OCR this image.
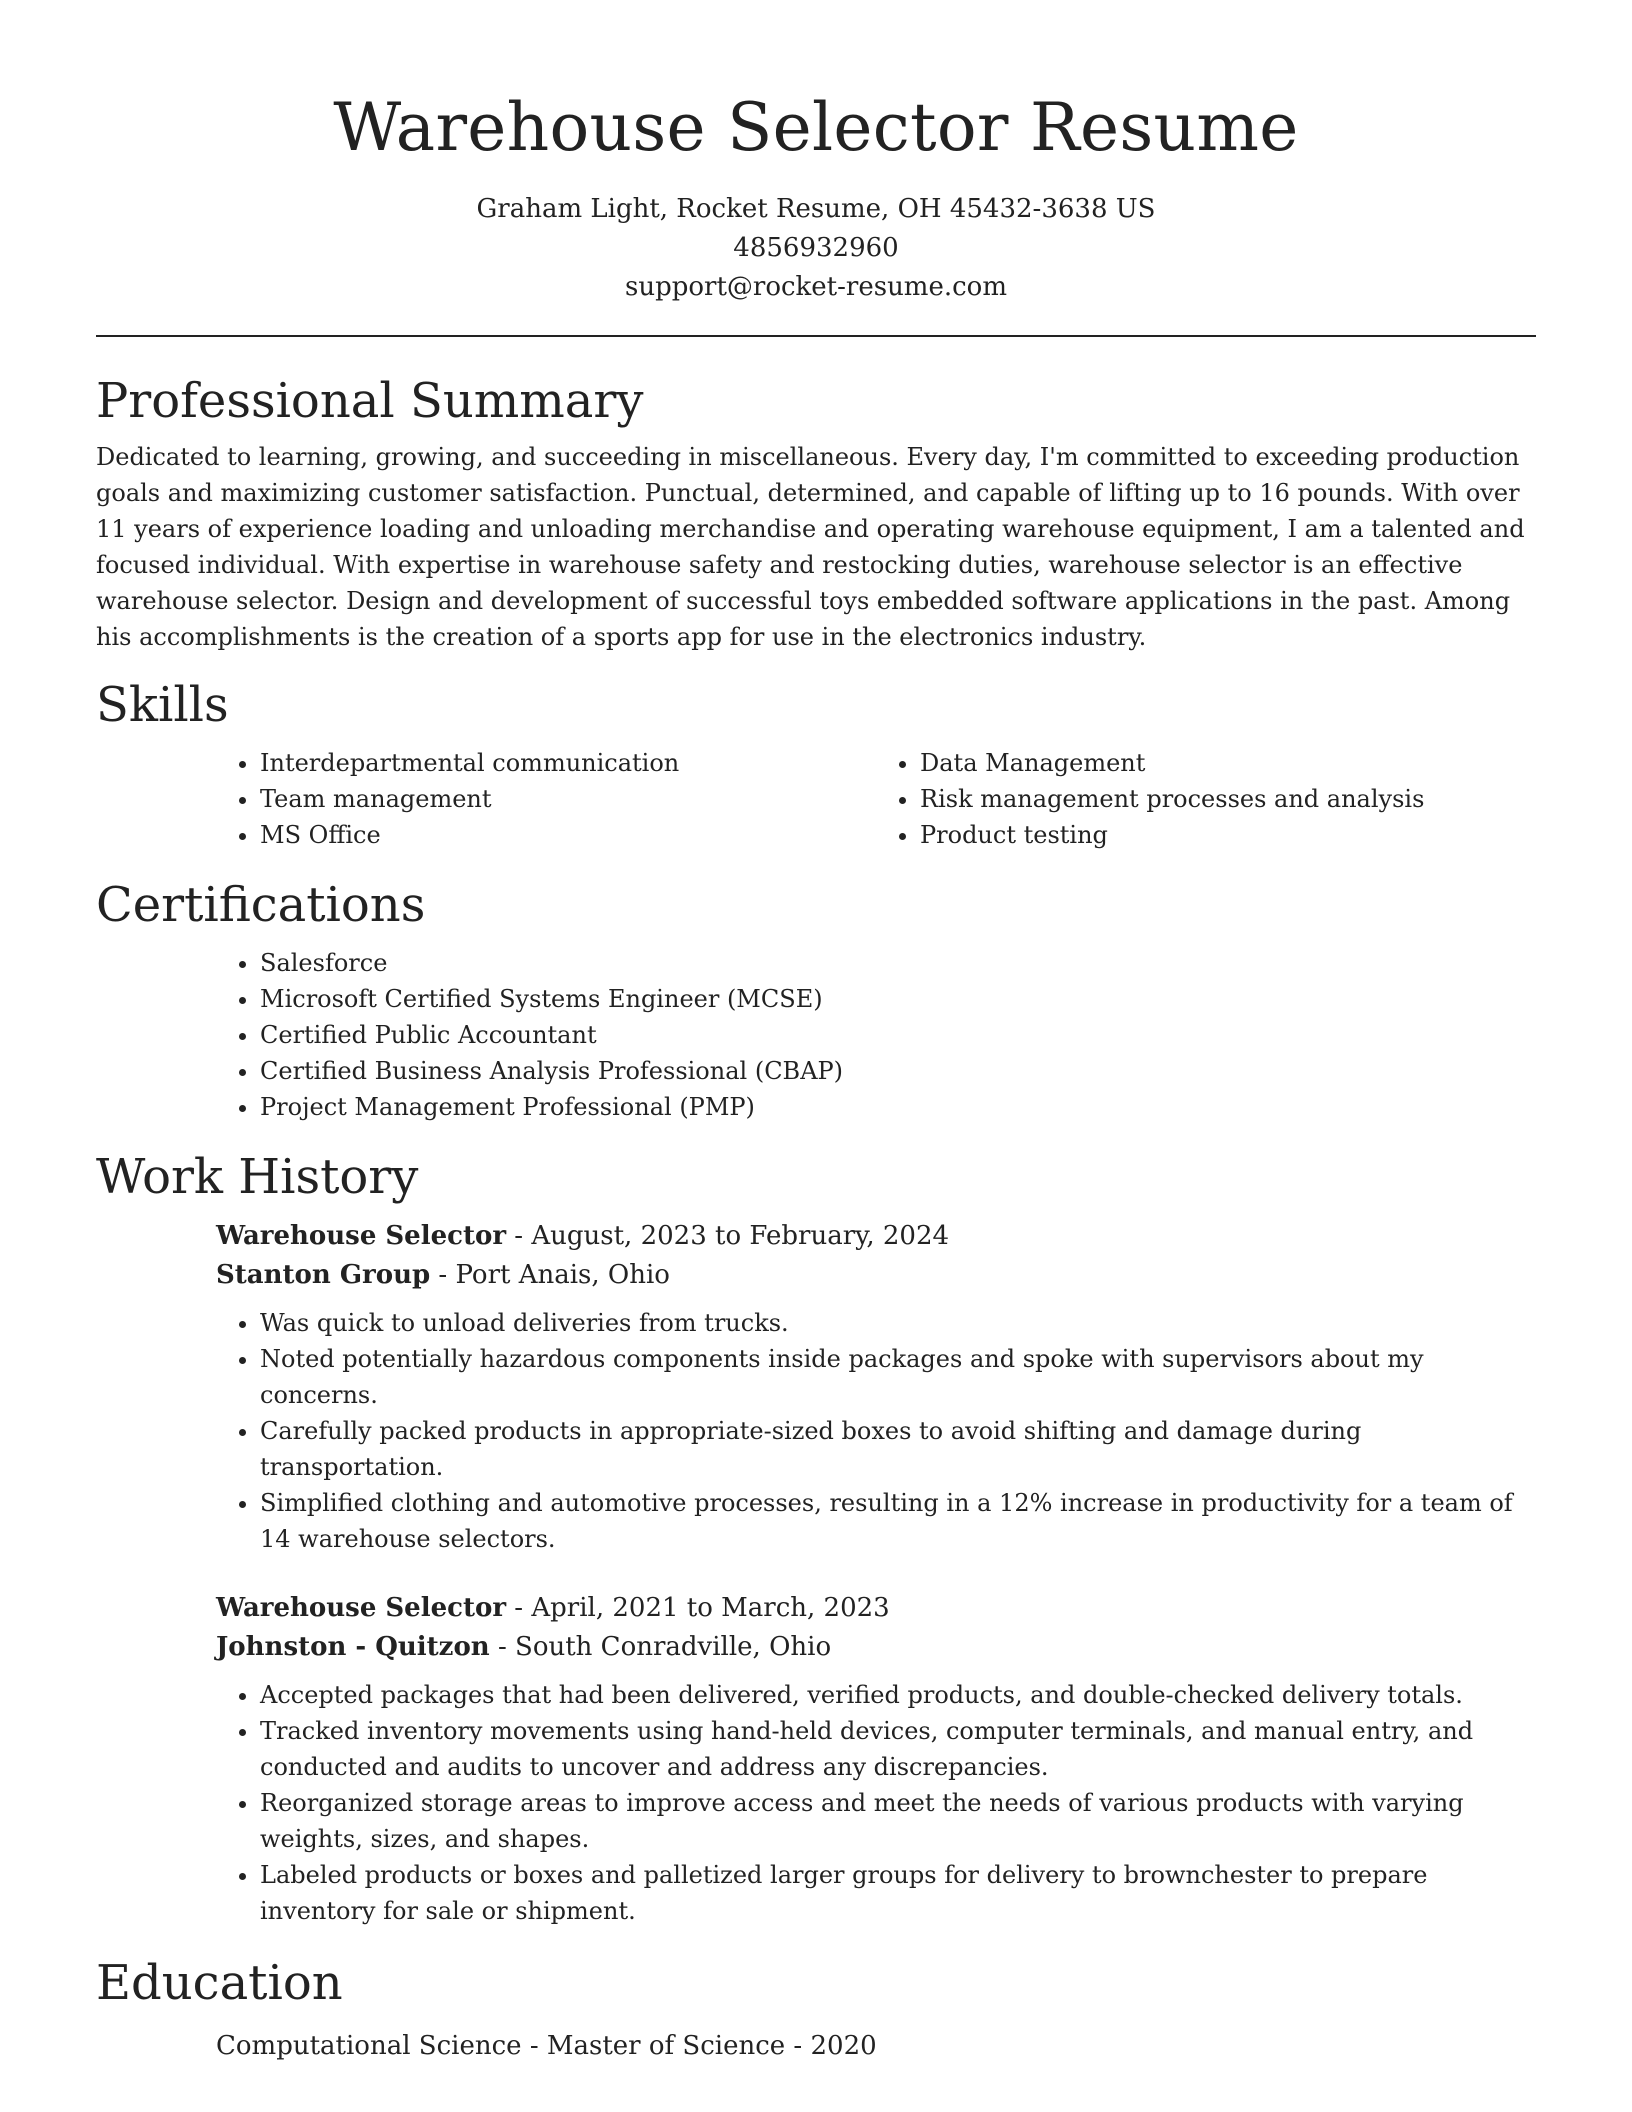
Warehouse Selector Resume
Graham Light, Rocket Resume, OH 45432-3638 US
4856932960
support@rocket-resume.com
Professional Summary

Dedicated to learning, growing, and succeeding in miscellaneous. Every day, I'm committed to exceeding production goals and maximizing customer satisfaction. Punctual, determined, and capable of lifting up to 16 pounds. With over 11 years of experience loading and unloading merchandise and operating warehouse equipment, I am a talented and focused individual. With expertise in warehouse safety and restocking duties, warehouse selector is an effective warehouse selector. Design and development of successful toys embedded software applications in the past. Among his accomplishments is the creation of a sports app for use in the electronics industry.

Skills
• Interdepartmental communication
• Team management
• MS Office
• Data Management
• Risk management processes and analysis
• Product testing
Certifications
• Salesforce
• Microsoft Certified Systems Engineer (MCSE)
• Certified Public Accountant
• Certified Business Analysis Professional (CBAP)
• Project Management Professional (PMP)
Work History
Warehouse Selector - August, 2023 to February, 2024
Stanton Group - Port Anais, Ohio
• Was quick to unload deliveries from trucks.
• Noted potentially hazardous components inside packages and spoke with supervisors about my concerns.
• Carefully packed products in appropriate-sized boxes to avoid shifting and damage during transportation.
• Simplified clothing and automotive processes, resulting in a 12% increase in productivity for a team of 14 warehouse selectors.
Warehouse Selector - April, 2021 to March, 2023
Johnston - Quitzon - South Conradville, Ohio
• Accepted packages that had been delivered, verified products, and double-checked delivery totals.
• Tracked inventory movements using hand-held devices, computer terminals, and manual entry, and conducted and audits to uncover and address any discrepancies.
• Reorganized storage areas to improve access and meet the needs of various products with varying weights, sizes, and shapes.
• Labeled products or boxes and palletized larger groups for delivery to brownchester to prepare inventory for sale or shipment.
Education
Computational Science - Master of Science - 2020
